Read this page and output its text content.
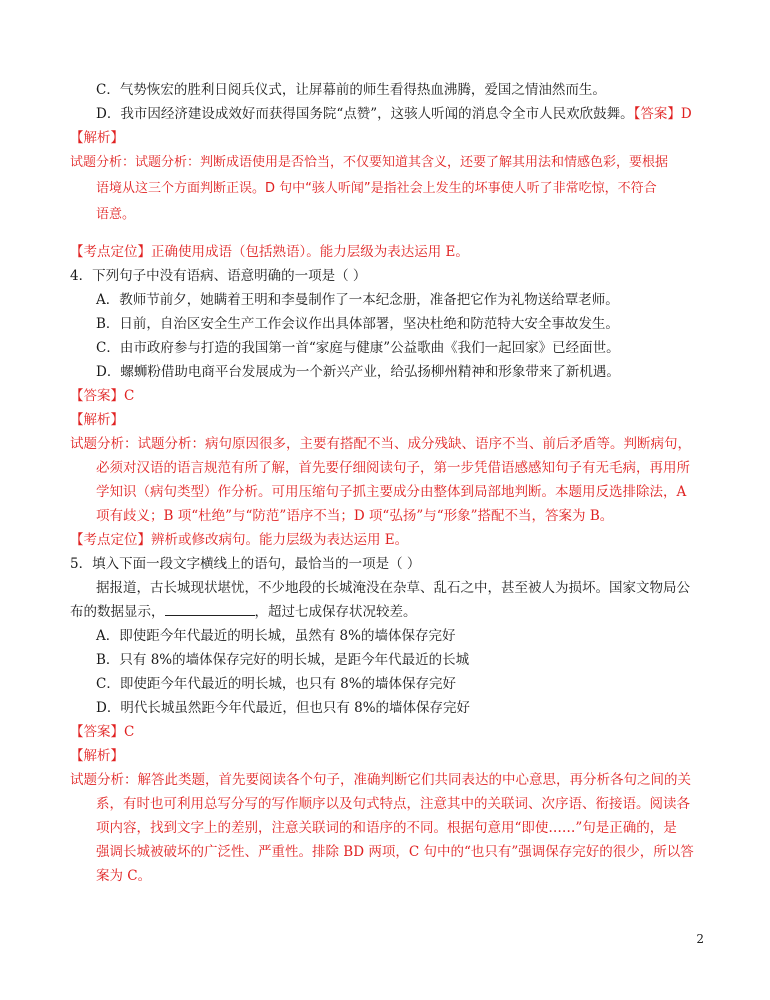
C．气势恢宏的胜利日阅兵仪式，让屏幕前的师生看得热血沸腾，爱国之情油然而生。

D．我市因经济建设成效好而获得国务院“点赞”，这骇人听闻的消息令全市人民欢欣鼓舞。【答案】D

【解析】

试题分析：试题分析：判断成语使用是否恰当，不仅要知道其含义，还要了解其用法和情感色彩，要根据
语境从这三个方面判断正误。D 句中“骇人听闻”是指社会上发生的坏事使人听了非常吃惊，不符合
语意。

【考点定位】正确使用成语（包括熟语）。能力层级为表达运用 E。

4．下列句子中没有语病、语意明确的一项是（ ）

A．教师节前夕，她瞒着王明和李曼制作了一本纪念册，准备把它作为礼物送给覃老师。

B．日前，自治区安全生产工作会议作出具体部署，坚决杜绝和防范特大安全事故发生。

C．由市政府参与打造的我国第一首“家庭与健康”公益歌曲《我们一起回家》已经面世。

D．螺蛳粉借助电商平台发展成为一个新兴产业，给弘扬柳州精神和形象带来了新机遇。

【答案】C

【解析】

试题分析：试题分析：病句原因很多，主要有搭配不当、成分残缺、语序不当、前后矛盾等。判断病句，
必须对汉语的语言规范有所了解，首先要仔细阅读句子，第一步凭借语感感知句子有无毛病，再用所
学知识（病句类型）作分析。可用压缩句子抓主要成分由整体到局部地判断。本题用反选排除法，A
项有歧义；B 项“杜绝”与“防范”语序不当；D 项“弘扬”与“形象”搭配不当，答案为 B。

【考点定位】辨析或修改病句。能力层级为表达运用 E。

5．填入下面一段文字横线上的语句，最恰当的一项是（ ）

据报道，古长城现状堪忧，不少地段的长城淹没在杂草、乱石之中，甚至被人为损坏。国家文物局公

布的数据显示，	，超过七成保存状况较差。

A．即使距今年代最近的明长城，虽然有 8%的墙体保存完好

B．只有 8%的墙体保存完好的明长城，是距今年代最近的长城

C．即使距今年代最近的明长城，也只有 8%的墙体保存完好

D．明代长城虽然距今年代最近，但也只有 8%的墙体保存完好

【答案】C

【解析】

试题分析：解答此类题，首先要阅读各个句子，准确判断它们共同表达的中心意思，再分析各句之间的关
系，有时也可利用总写分写的写作顺序以及句式特点，注意其中的关联词、次序语、衔接语。阅读各
项内容，找到文字上的差别，注意关联词的和语序的不同。根据句意用“即使……”句是正确的，是
强调长城被破坏的广泛性、严重性。排除 BD 两项，C 句中的“也只有”强调保存完好的很少，所以答
案为 C。
2
